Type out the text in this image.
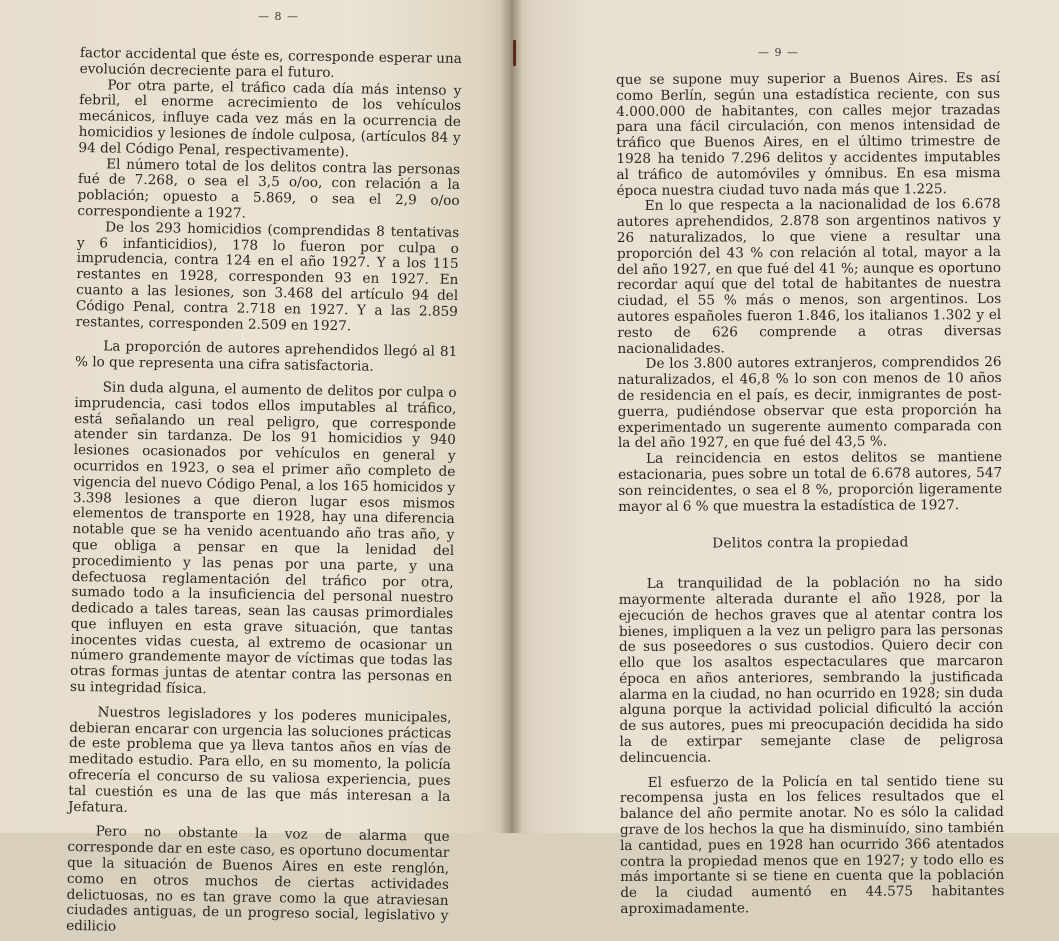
— 8 —

factor accidental que éste es, corresponde esperar una evolución decreciente para el futuro.

Por otra parte, el tráfico cada día más intenso y febril, el enorme acrecimiento de los vehículos mecánicos, influye cada vez más en la ocurrencia de homicidios y lesiones de índole culposa, (artículos 84 y 94 del Código Penal, respectivamente).

El número total de los delitos contra las personas fué de 7.268, o sea el 3,5 o/oo, con relación a la población; opuesto a 5.869, o sea el 2,9 o/oo correspondiente a 1927.

De los 293 homicidios (comprendidas 8 tentativas y 6 infanticidios), 178 lo fueron por culpa o imprudencia, contra 124 en el año 1927. Y a los 115 restantes en 1928, corresponden 93 en 1927. En cuanto a las lesiones, son 3.468 del artículo 94 del Código Penal, contra 2.718 en 1927. Y a las 2.859 restantes, corresponden 2.509 en 1927.

La proporción de autores aprehendidos llegó al 81 % lo que representa una cifra satisfactoria.

Sin duda alguna, el aumento de delitos por culpa o imprudencia, casi todos ellos imputables al tráfico, está señalando un real peligro, que corresponde atender sin tardanza. De los 91 homicidios y 940 lesiones ocasionados por vehículos en general y ocurridos en 1923, o sea el primer año completo de vigencia del nuevo Código Penal, a los 165 homicidos y 3.398 lesiones a que dieron lugar esos mismos elementos de transporte en 1928, hay una diferencia notable que se ha venido acentuando año tras año, y que obliga a pensar en que la lenidad del procedimiento y las penas por una parte, y una defectuosa reglamentación del tráfico por otra, sumado todo a la insuficiencia del personal nuestro dedicado a tales tareas, sean las causas primordiales que influyen en esta grave situación, que tantas inocentes vidas cuesta, al extremo de ocasionar un número grandemente mayor de víctimas que todas las otras formas juntas de atentar contra las personas en su integridad física.

Nuestros legisladores y los poderes municipales, debieran encarar con urgencia las soluciones prácticas de este problema que ya lleva tantos años en vías de meditado estudio. Para ello, en su momento, la policía ofrecería el concurso de su valiosa experiencia, pues tal cuestión es una de las que más interesan a la Jefatura.

Pero no obstante la voz de alarma que corresponde dar en este caso, es oportuno documentar que la situación de Buenos Aires en este renglón, como en otros muchos de ciertas actividades delictuosas, no es tan grave como la que atraviesan ciudades antiguas, de un progreso social, legislativo y edilicio

— 9 —

que se supone muy superior a Buenos Aires. Es así como Berlín, según una estadística reciente, con sus 4.000.000 de habitantes, con calles mejor trazadas para una fácil circulación, con menos intensidad de tráfico que Buenos Aires, en el último trimestre de 1928 ha tenido 7.296 delitos y accidentes imputables al tráfico de automóviles y ómnibus. En esa misma época nuestra ciudad tuvo nada más que 1.225.

En lo que respecta a la nacionalidad de los 6.678 autores aprehendidos, 2.878 son argentinos nativos y 26 naturalizados, lo que viene a resultar una proporción del 43 % con relación al total, mayor a la del año 1927, en que fué del 41 %; aunque es oportuno recordar aquí que del total de habitantes de nuestra ciudad, el 55 % más o menos, son argentinos. Los autores españoles fueron 1.846, los italianos 1.302 y el resto de 626 comprende a otras diversas nacionalidades.

De los 3.800 autores extranjeros, comprendidos 26 naturalizados, el 46,8 % lo son con menos de 10 años de residencia en el país, es decir, inmigrantes de post-guerra, pudiéndose observar que esta proporción ha experimentado un sugerente aumento comparada con la del año 1927, en que fué del 43,5 %.

La reincidencia en estos delitos se mantiene estacionaria, pues sobre un total de 6.678 autores, 547 son reincidentes, o sea el 8 %, proporción ligeramente mayor al 6 % que muestra la estadística de 1927.

Delitos contra la propiedad

La tranquilidad de la población no ha sido mayormente alterada durante el año 1928, por la ejecución de hechos graves que al atentar contra los bienes, impliquen a la vez un peligro para las personas de sus poseedores o sus custodios. Quiero decir con ello que los asaltos espectaculares que marcaron época en años anteriores, sembrando la justificada alarma en la ciudad, no han ocurrido en 1928; sin duda alguna porque la actividad policial dificultó la acción de sus autores, pues mi preocupación decidida ha sido la de extirpar semejante clase de peligrosa delincuencia.

El esfuerzo de la Policía en tal sentido tiene su recompensa justa en los felices resultados que el balance del año permite anotar. No es sólo la calidad grave de los hechos la que ha disminuído, sino también la cantidad, pues en 1928 han ocurrido 366 atentados contra la propiedad menos que en 1927; y todo ello es más importante si se tiene en cuenta que la población de la ciudad aumentó en 44.575 habitantes aproximadamente.
